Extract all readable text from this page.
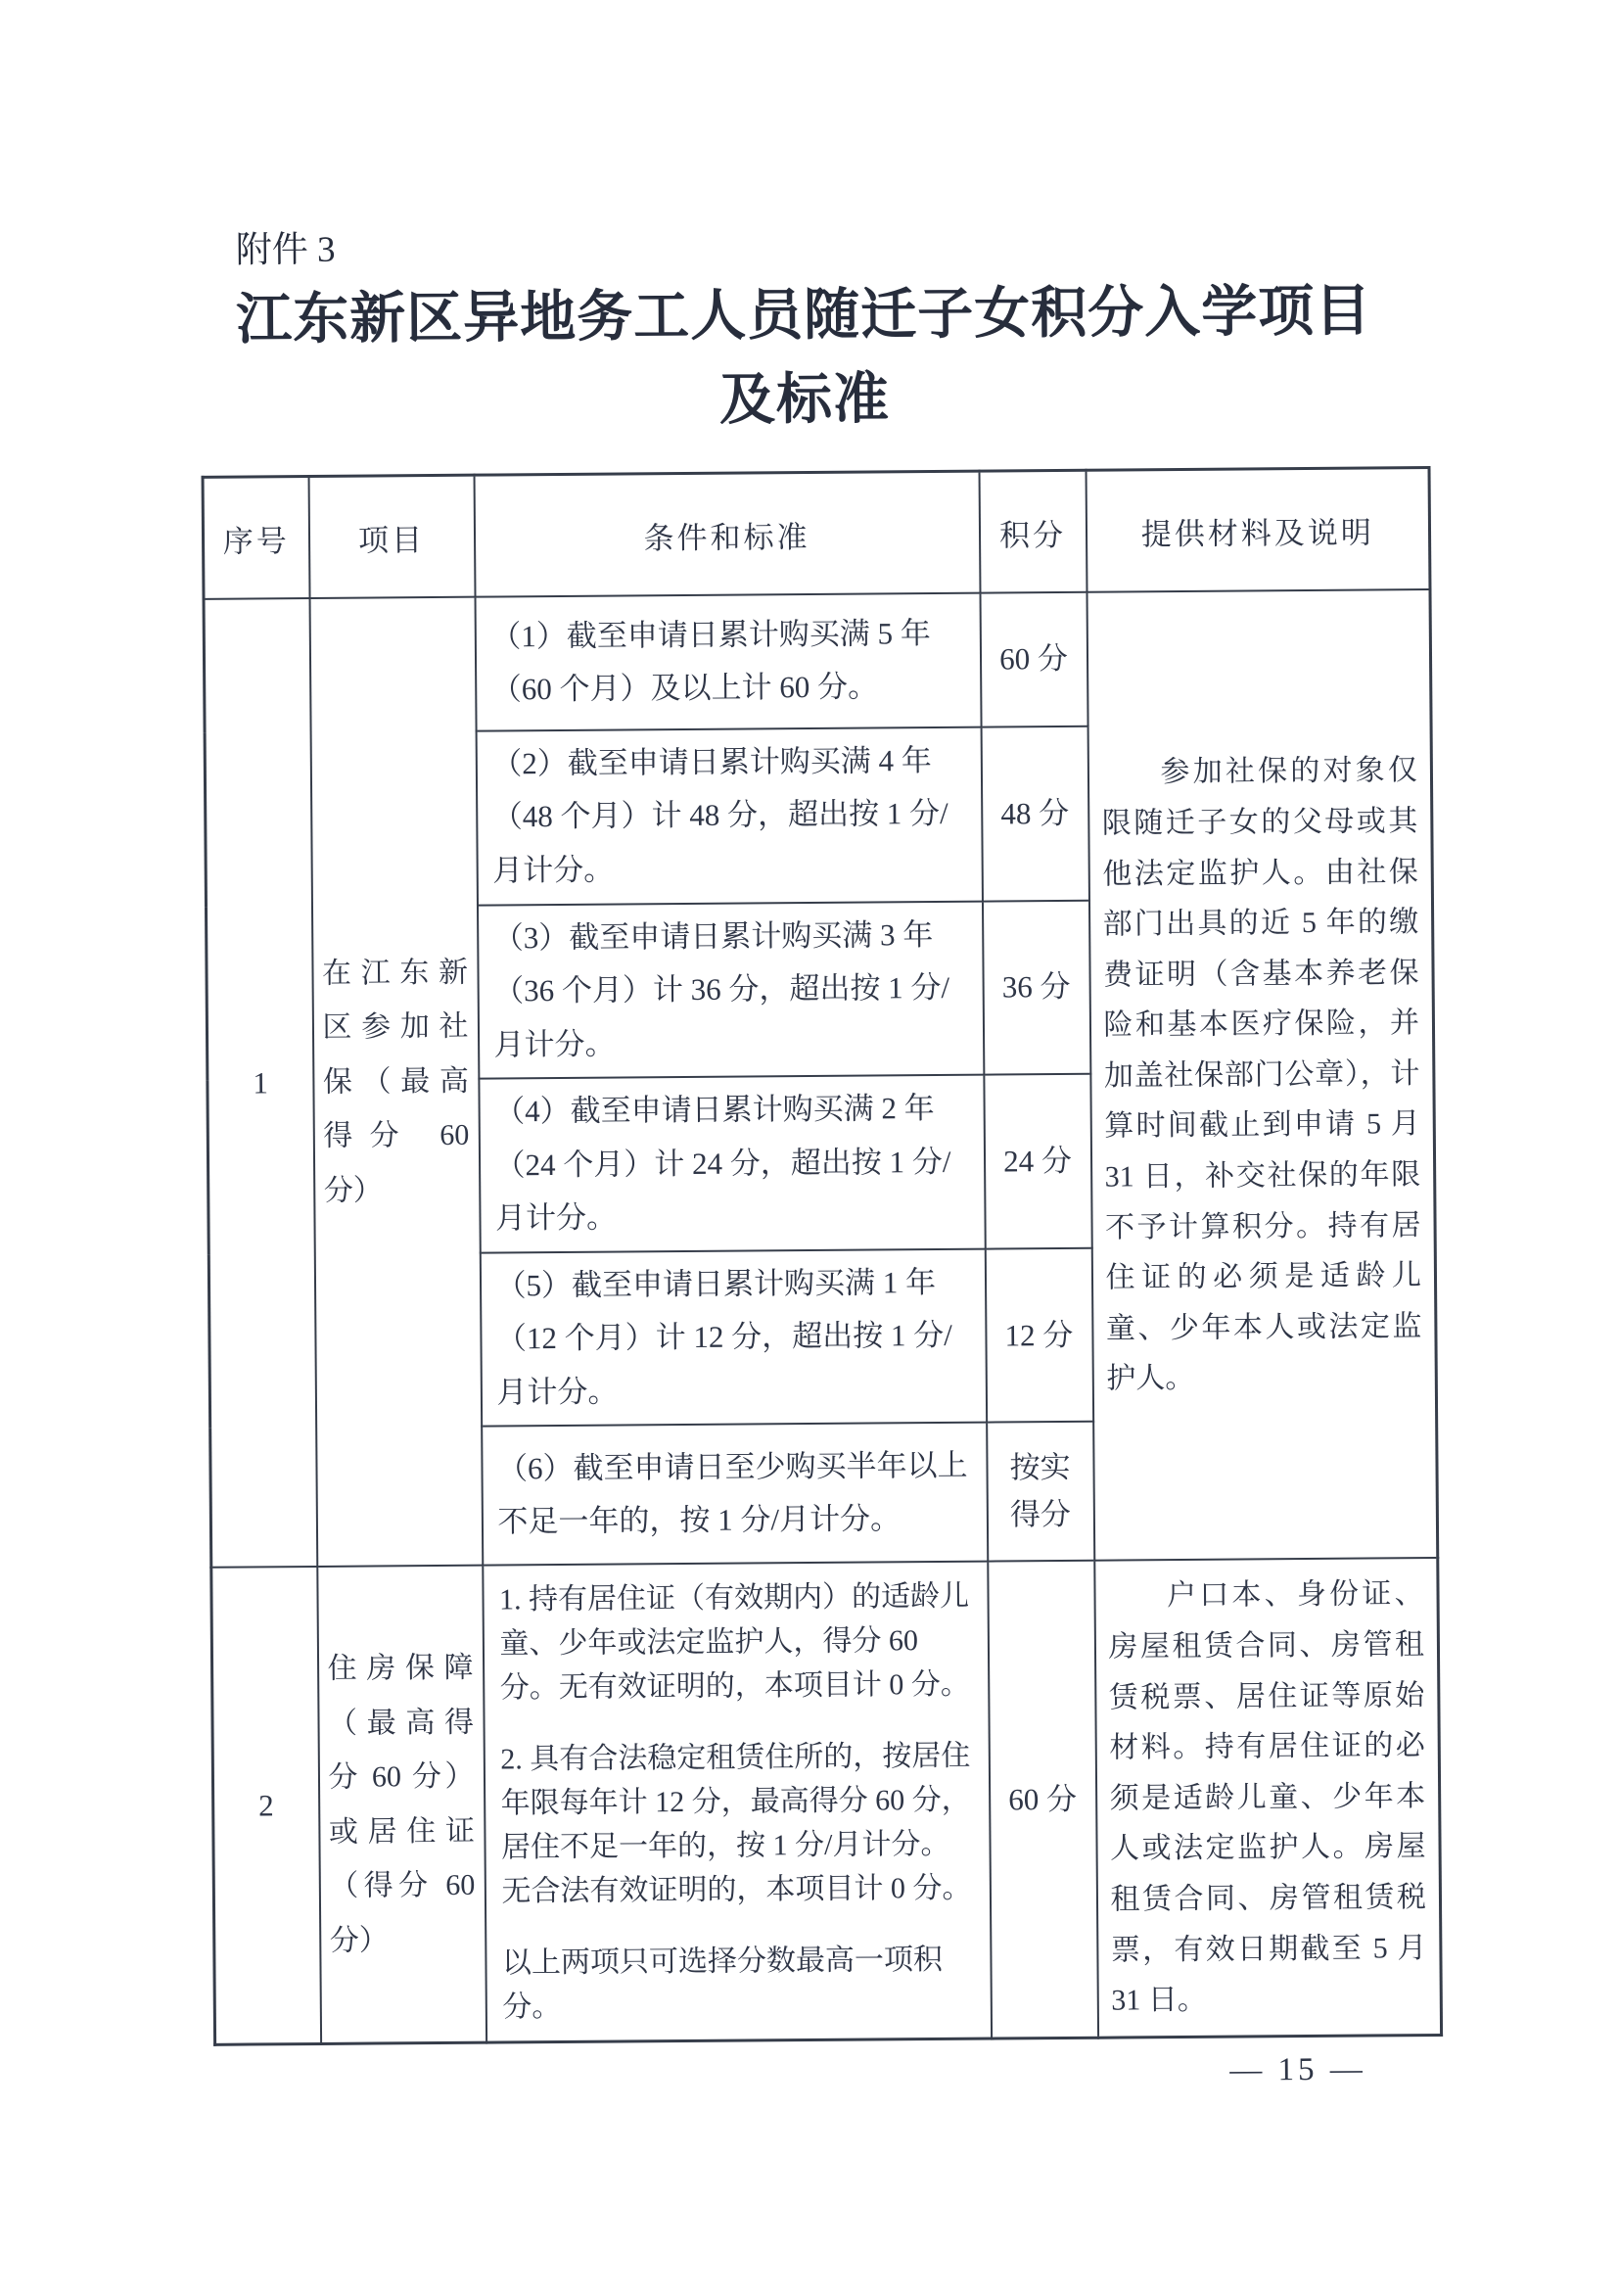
附件 3
江东新区异地务工人员随迁子女积分入学项目
及标准
序号	项目	条件和标准	积分	提供材料及说明
1	在江东新区参加社保（最高得分 60 分）	（1）截至申请日累计购买满 5 年（60 个月）及以上计 60 分。	60 分	参加社保的对象仅限随迁子女的父母或其他法定监护人。由社保部门出具的近 5 年的缴费证明（含基本养老保险和基本医疗保险，并加盖社保部门公章），计算时间截止到申请 5 月 31 日，补交社保的年限不予计算积分。持有居住证的必须是适龄儿童、少年本人或法定监护人。

		（2）截至申请日累计购买满 4 年（48 个月）计 48 分，超出按 1 分/月计分。	48 分	
		（3）截至申请日累计购买满 3 年（36 个月）计 36 分，超出按 1 分/月计分。	36 分	
		（4）截至申请日累计购买满 2 年（24 个月）计 24 分，超出按 1 分/月计分。	24 分	
		（5）截至申请日累计购买满 1 年（12 个月）计 12 分，超出按 1 分/月计分。	12 分	
		（6）截至申请日至少购买半年以上不足一年的，按 1 分/月计分。	按实得分	
2	住房保障（最高得分 60 分）或居住证（得分 60 分）	1. 持有居住证（有效期内）的适龄儿童、少年或法定监护人，得分 60 分。无有效证明的，本项目计 0 分。

2. 具有合法稳定租赁住所的，按居住年限每年计 12 分，最高得分 60 分，居住不足一年的，按 1 分/月计分。无合法有效证明的，本项目计 0 分。

以上两项只可选择分数最高一项积分。	60 分	户口本、身份证、房屋租赁合同、房管租赁税票、居住证等原始材料。持有居住证的必须是适龄儿童、少年本人或法定监护人。房屋租赁合同、房管租赁税票，有效日期截至 5 月 31 日。

— 15 —
